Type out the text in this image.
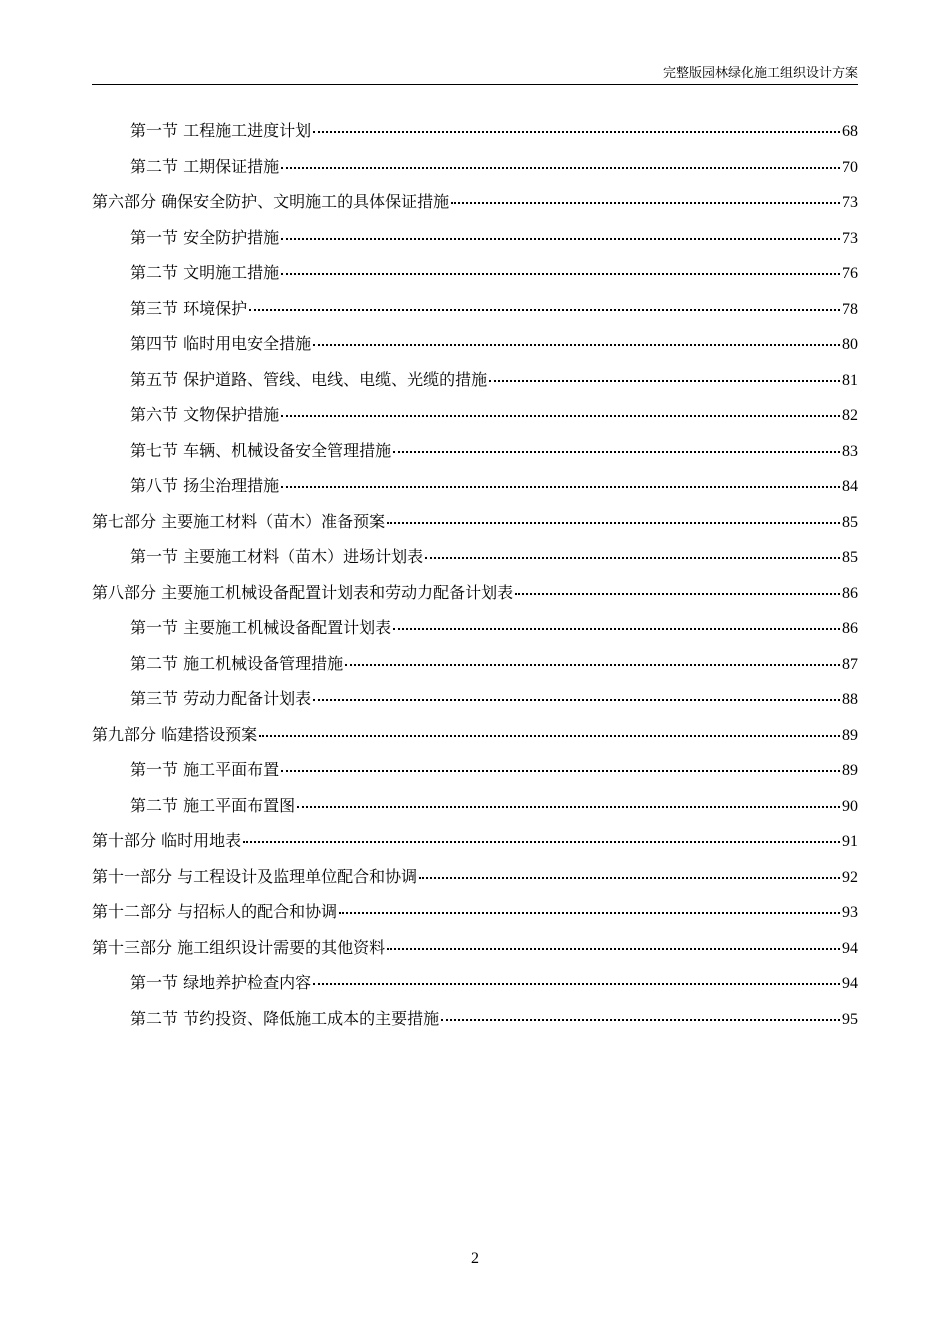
完整版园林绿化施工组织设计方案
第一节 工程施工进度计划	68
第二节 工期保证措施	70
第六部分 确保安全防护、文明施工的具体保证措施	73
第一节 安全防护措施	73
第二节 文明施工措施	76
第三节 环境保护	78
第四节 临时用电安全措施	80
第五节 保护道路、管线、电线、电缆、光缆的措施	81
第六节 文物保护措施	82
第七节 车辆、机械设备安全管理措施	83
第八节 扬尘治理措施	84
第七部分 主要施工材料（苗木）准备预案	85
第一节 主要施工材料（苗木）进场计划表	85
第八部分 主要施工机械设备配置计划表和劳动力配备计划表	86
第一节 主要施工机械设备配置计划表	86
第二节 施工机械设备管理措施	87
第三节 劳动力配备计划表	88
第九部分 临建搭设预案	89
第一节 施工平面布置	89
第二节 施工平面布置图	90
第十部分 临时用地表	91
第十一部分 与工程设计及监理单位配合和协调	92
第十二部分 与招标人的配合和协调	93
第十三部分 施工组织设计需要的其他资料	94
第一节 绿地养护检查内容	94
第二节 节约投资、降低施工成本的主要措施	95
2
